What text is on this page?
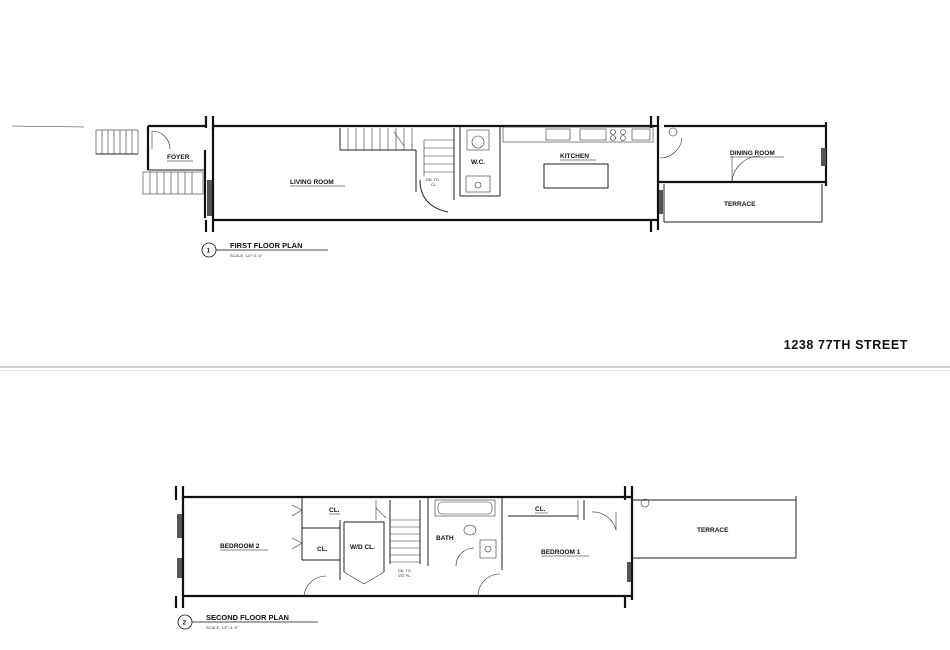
1238 77TH STREET
DN. TO
CL.
FOYER
LIVING ROOM
W.C.
KITCHEN	DINING ROOM
TERRACE
1
FIRST FLOOR PLAN
SCALE: 1/2"=1'-0"
DN. TO
1ST FL.
CL.
BEDROOM 2	CL.	W/D CL.
BATH
CL.
BEDROOM 1
TERRACE
2
SECOND FLOOR PLAN
SCALE: 1/2"=1'-0"
